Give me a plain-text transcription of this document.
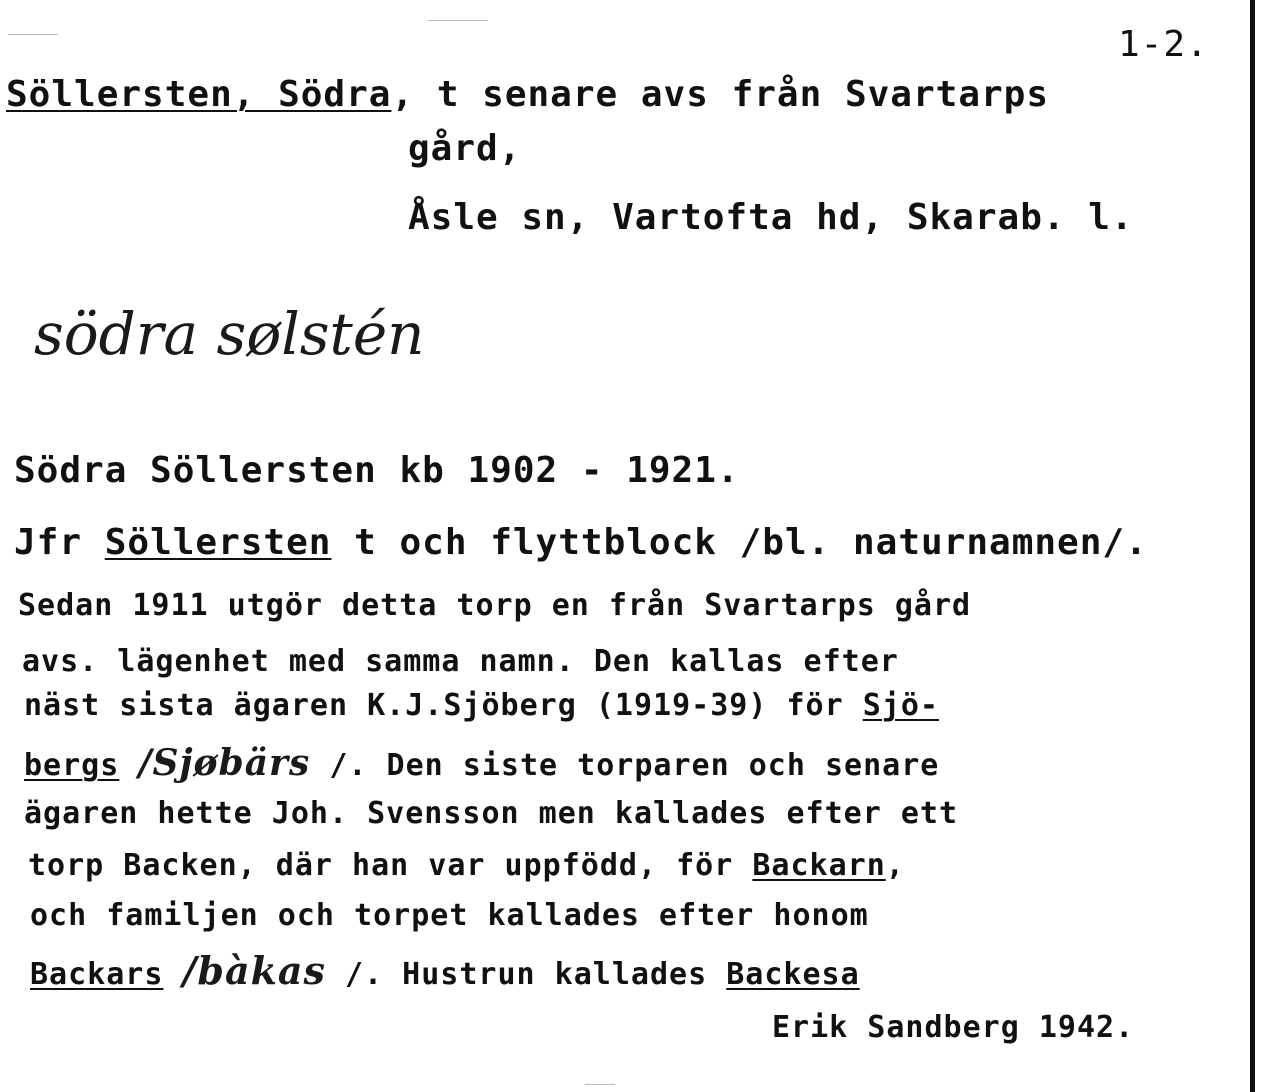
1-2.
Söllersten, Södra, t senare avs från Svartarps
gård,
Åsle sn, Vartofta hd, Skarab. l.
södra sølstén
Södra Söllersten kb 1902 - 1921.
Jfr Söllersten t och flyttblock /bl. naturnamnen/.
Sedan 1911 utgör detta torp en från Svartarps gård
avs. lägenhet med samma namn. Den kallas efter
näst sista ägaren K.J.Sjöberg (1919-39) för Sjö-
bergs /Sjøbärs /. Den siste torparen och senare
ägaren hette Joh. Svensson men kallades efter ett
torp Backen, där han var uppfödd, för Backarn,
och familjen och torpet kallades efter honom
Backars /bàkas /. Hustrun kallades Backesa
Erik Sandberg 1942.
